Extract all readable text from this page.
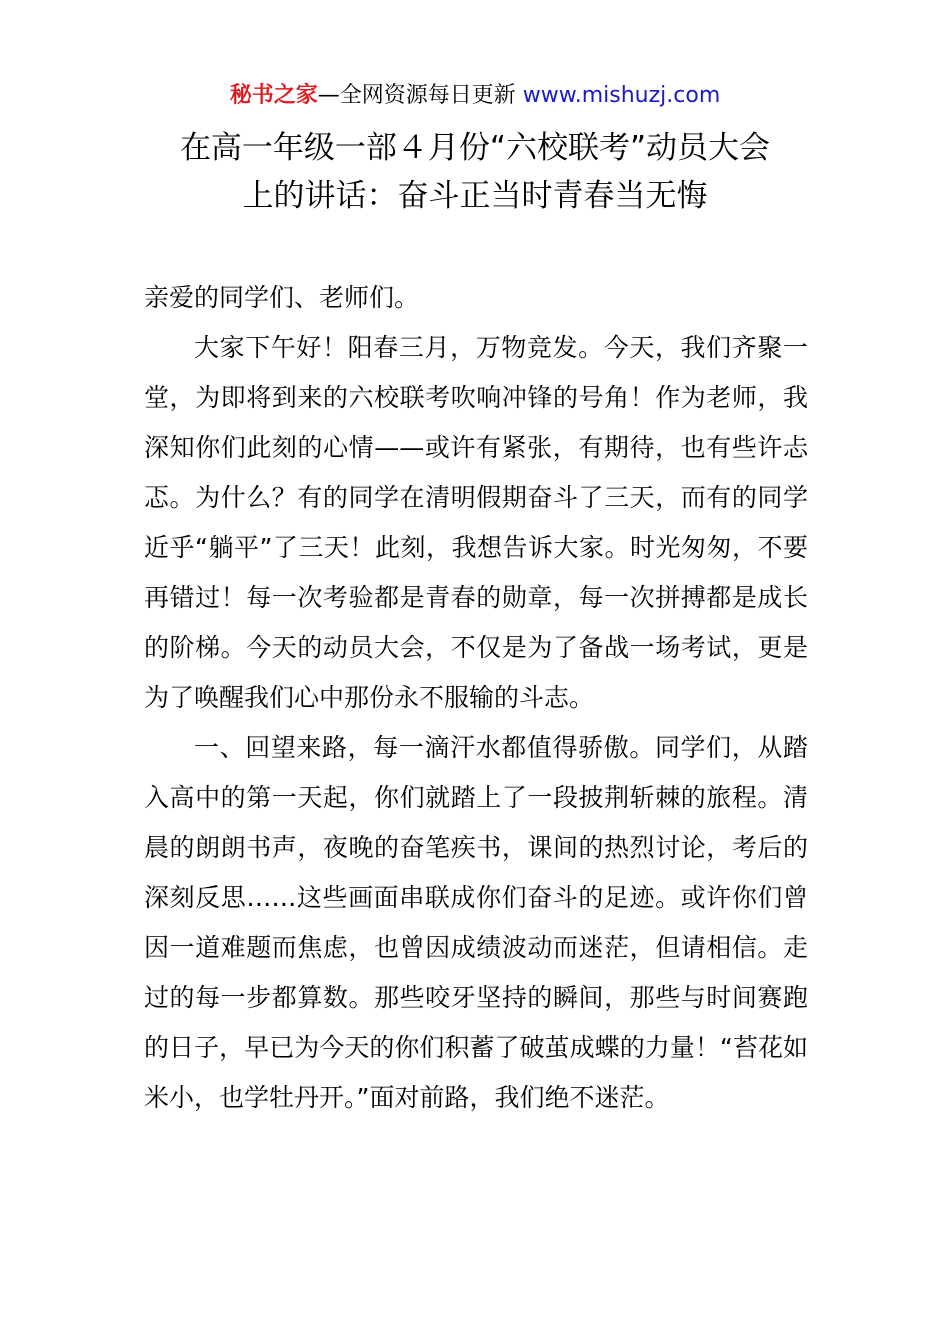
秘书之家—全网资源每日更新 www.mishuzj.com
在高一年级一部４月份“六校联考”动员大会
上的讲话：奋斗正当时青春当无悔

亲爱的同学们、老师们。

大家下午好！阳春三月，万物竞发。今天，我们齐聚一堂，为即将到来的六校联考吹响冲锋的号角！作为老师，我深知你们此刻的心情——或许有紧张，有期待，也有些许忐忑。为什么？有的同学在清明假期奋斗了三天，而有的同学近乎“躺平”了三天！此刻，我想告诉大家。时光匆匆，不要再错过！每一次考验都是青春的勋章，每一次拼搏都是成长的阶梯。今天的动员大会，不仅是为了备战一场考试，更是为了唤醒我们心中那份永不服输的斗志。

一、回望来路，每一滴汗水都值得骄傲。同学们，从踏入高中的第一天起，你们就踏上了一段披荆斩棘的旅程。清晨的朗朗书声，夜晚的奋笔疾书，课间的热烈讨论，考后的深刻反思……这些画面串联成你们奋斗的足迹。或许你们曾因一道难题而焦虑，也曾因成绩波动而迷茫，但请相信。走过的每一步都算数。那些咬牙坚持的瞬间，那些与时间赛跑的日子，早已为今天的你们积蓄了破茧成蝶的力量！“苔花如米小，也学牡丹开。”面对前路，我们绝不迷茫。
